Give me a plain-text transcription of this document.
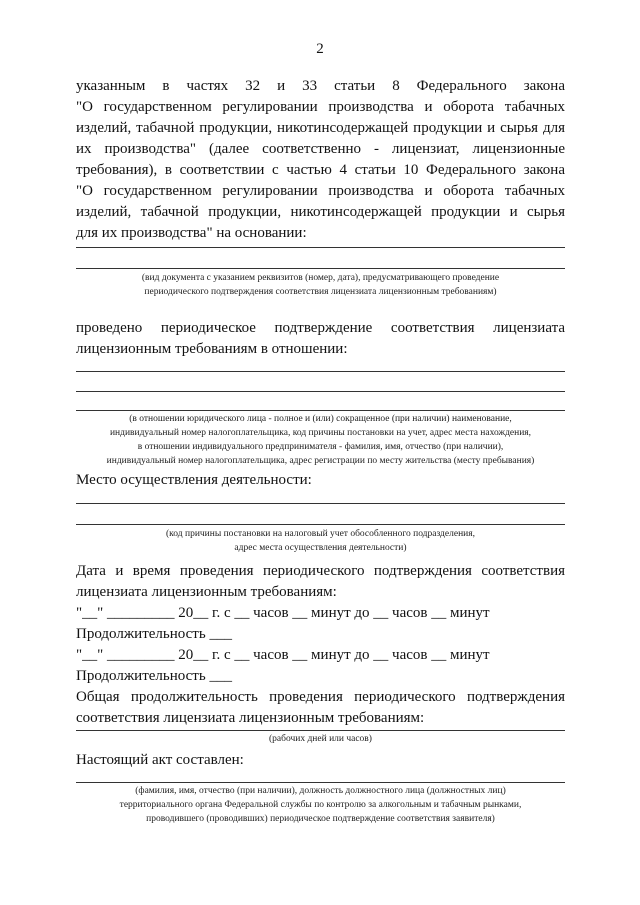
2
указанным в частях 32 и 33 статьи 8 Федерального закона
"О государственном регулировании производства и оборота табачных
изделий, табачной продукции, никотинсодержащей продукции и сырья для
их производства" (далее соответственно - лицензиат, лицензионные
требования), в соответствии с частью 4 статьи 10 Федерального закона
"О государственном регулировании производства и оборота табачных
изделий, табачной продукции, никотинсодержащей продукции и сырья
для их производства" на основании:
(вид документа с указанием реквизитов (номер, дата), предусматривающего проведение
периодического подтверждения соответствия лицензиата лицензионным требованиям)
проведено периодическое подтверждение соответствия лицензиата
лицензионным требованиям в отношении:
(в отношении юридического лица - полное и (или) сокращенное (при наличии) наименование,
индивидуальный номер налогоплательщика, код причины постановки на учет, адрес места нахождения,
в отношении индивидуального предпринимателя - фамилия, имя, отчество (при наличии),
индивидуальный номер налогоплательщика, адрес регистрации по месту жительства (месту пребывания)
Место осуществления деятельности:
(код причины постановки на налоговый учет обособленного подразделения,
адрес места осуществления деятельности)
Дата и время проведения периодического подтверждения соответствия
лицензиата лицензионным требованиям:
"__" _________ 20__ г. с __ часов __ минут до __ часов __ минут
Продолжительность ___
"__" _________ 20__ г. с __ часов __ минут до __ часов __ минут
Продолжительность ___
Общая продолжительность проведения периодического подтверждения
соответствия лицензиата лицензионным требованиям:
(рабочих дней или часов)
Настоящий акт составлен:
(фамилия, имя, отчество (при наличии), должность должностного лица (должностных лиц)
территориального органа Федеральной службы по контролю за алкогольным и табачным рынками,
проводившего (проводивших) периодическое подтверждение соответствия заявителя)
